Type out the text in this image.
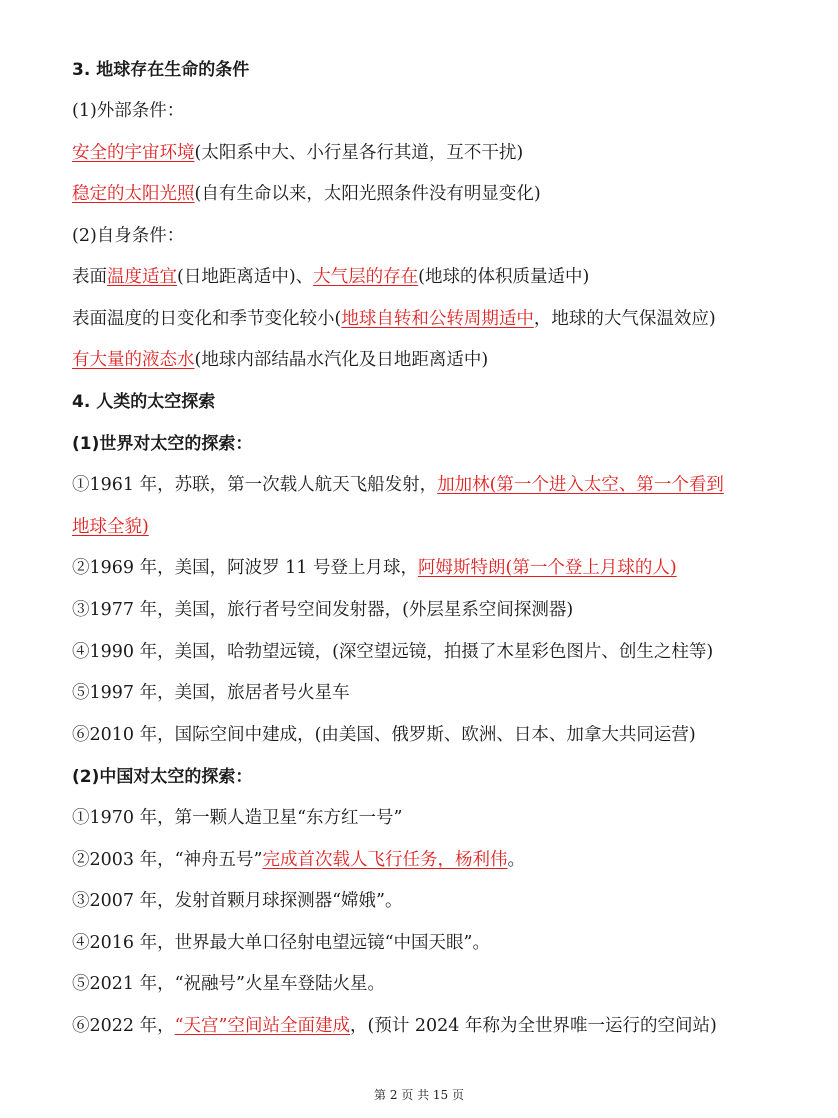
3. 地球存在生命的条件
(1)外部条件：
安全的宇宙环境(太阳系中大、小行星各行其道，互不干扰)
稳定的太阳光照(自有生命以来，太阳光照条件没有明显变化)
(2)自身条件：
表面温度适宜(日地距离适中)、大气层的存在(地球的体积质量适中)
表面温度的日变化和季节变化较小(地球自转和公转周期适中，地球的大气保温效应)
有大量的液态水(地球内部结晶水汽化及日地距离适中)
4. 人类的太空探索
(1)世界对太空的探索：
①1961 年，苏联，第一次载人航天飞船发射，加加林(第一个进入太空、第一个看到
地球全貌)
②1969 年，美国，阿波罗 11 号登上月球，阿姆斯特朗(第一个登上月球的人)
③1977 年，美国，旅行者号空间发射器，(外层星系空间探测器)
④1990 年，美国，哈勃望远镜，(深空望远镜，拍摄了木星彩色图片、创生之柱等)
⑤1997 年，美国，旅居者号火星车
⑥2010 年，国际空间中建成，(由美国、俄罗斯、欧洲、日本、加拿大共同运营)
(2)中国对太空的探索：
①1970 年，第一颗人造卫星“东方红一号”
②2003 年，“神舟五号”完成首次载人飞行任务，杨利伟。
③2007 年，发射首颗月球探测器“嫦娥”。
④2016 年，世界最大单口径射电望远镜“中国天眼”。
⑤2021 年，“祝融号”火星车登陆火星。
⑥2022 年，“天宫”空间站全面建成，(预计 2024 年称为全世界唯一运行的空间站)
第 2 页 共 15 页
